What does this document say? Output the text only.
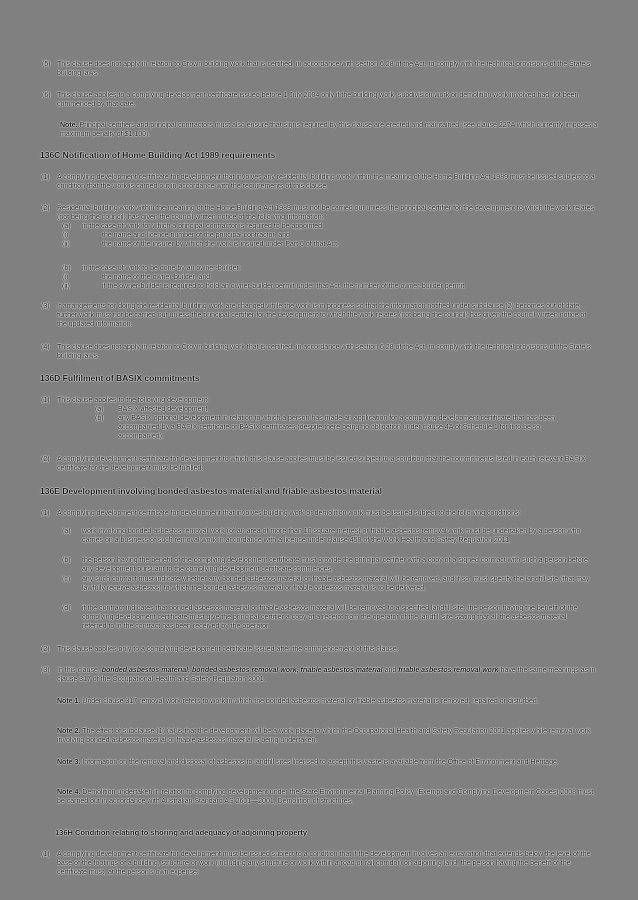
(5) This clause does not apply in relation to Crown building work that is certified, in accordance with section 6.28 of the Act, to comply with the technical provisions of the State's building laws.
(6) This clause applies to a complying development certificate issued before 1 July 2004 only if the building work, subdivision work or demolition work involved had not been commenced by that date.
Note. Principal certifiers and principal contractors must also ensure that signs required by this clause are erected and maintained (see clause 227A which currently imposes a maximum penalty of $1,100).
136C Notification of Home Building Act 1989 requirements
(1) A complying development certificate for development that involves any residential building work within the meaning of the Home Building Act 1989 must be issued subject to a condition that the work is carried out in accordance with the requirements of this clause.
(2) Residential building work within the meaning of the Home Building Act 1989 must not be carried out unless the principal certifier for the development to which the work relates (not being the council) has given the council written notice of the following information:
(a) in the case of work for which a principal contractor is required to be appointed:
(i)	the name and licence number of the principal contractor, and
(ii)	the name of the insurer by which the work is insured under Part 6 of that Act,
(b) in the case of work to be done by an owner-builder:
(i)	the name of the owner-builder, and
(ii)	if the owner-builder is required to hold an owner-builder permit under that Act, the number of the owner-builder permit.
(3) If arrangements for doing the residential building work are changed while the work is in progress so that the information notified under subclause (2) becomes out of date, further work must not be carried out unless the principal certifier for the development to which the work relates (not being the council) has given the council written notice of the updated information.
(4) This clause does not apply in relation to Crown building work that is certified, in accordance with section 6.28 of the Act, to comply with the technical provisions of the State's building laws.
136D Fulfilment of BASIX commitments
(1) This clause applies to the following development:
(a) BASIX affected development,
(b) any BASIX optional development in relation to which a person has made an application for a complying development certificate that has been accompanied by a BASIX certificate or BASIX certificates (despite there being no obligation under clause 4A of Schedule 1 for it to be so accompanied).
(2) A complying development certificate for development to which this clause applies must be issued subject to a condition that the commitments listed in each relevant BASIX certificate for the development must be fulfilled.
136E Development involving bonded asbestos material and friable asbestos material
(1) A complying development certificate for development that involves building work or demolition work must be issued subject to the following conditions:
(a) work involving bonded asbestos removal work (of an area of more than 10 square metres) or friable asbestos removal work must be undertaken by a person who carries on a business of such removal work in accordance with a licence under clause 458 of the Work Health and Safety Regulation 2011,
(b) the person having the benefit of the complying development certificate must provide the principal certifier with a copy of a signed contract with such a person before any development pursuant to the complying development certificate commences,
(c) any such contract must indicate whether any bonded asbestos material or friable asbestos material will be removed, and if so, must specify the landfill site (that may lawfully receive asbestos) to which the bonded asbestos material or friable asbestos material is to be delivered,
(d) if the contract indicates that bonded asbestos material or friable asbestos material will be removed to a specified landfill site, the person having the benefit of the complying development certificate must give the principal certifier a copy of a receipt from the operator of the landfill site stating that all the asbestos material referred to in the contract has been received by the operator.
(2) This clause applies only to a complying development certificate issued after the commencement of this clause.
(3) In this clause, bonded asbestos material, bonded asbestos removal work, friable asbestos material and friable asbestos removal work have the same meanings as in clause 317 of the Occupational Health and Safety Regulation 2001.
Note 1. Under clause 317 removal work refers to work in which the bonded asbestos material or friable asbestos material is removed, repaired or disturbed.
Note 2. The effect of subclause (1) (a) is that the development will be a work place to which the Occupational Health and Safety Regulation 2001 applies while removal work involving bonded asbestos material or friable asbestos material is being undertaken.
Note 3. Information on the removal and disposal of asbestos to landfill sites licensed to accept this waste is available from the Office of Environment and Heritage.
Note 4. Demolition undertaken in relation to complying development under the State Environmental Planning Policy (Exempt and Complying Development Codes) 2008 must be carried out in accordance with Australian Standard AS 2601—2001, Demolition of structures.
136H Condition relating to shoring and adequacy of adjoining property
(1) A complying development certificate for development must be issued subject to a condition that if the development involves an excavation that extends below the level of the base of the footings of a building, structure or work (including any structure or work within a road or rail corridor) on adjoining land, the person having the benefit of the certificate must, at the person's own expense:
